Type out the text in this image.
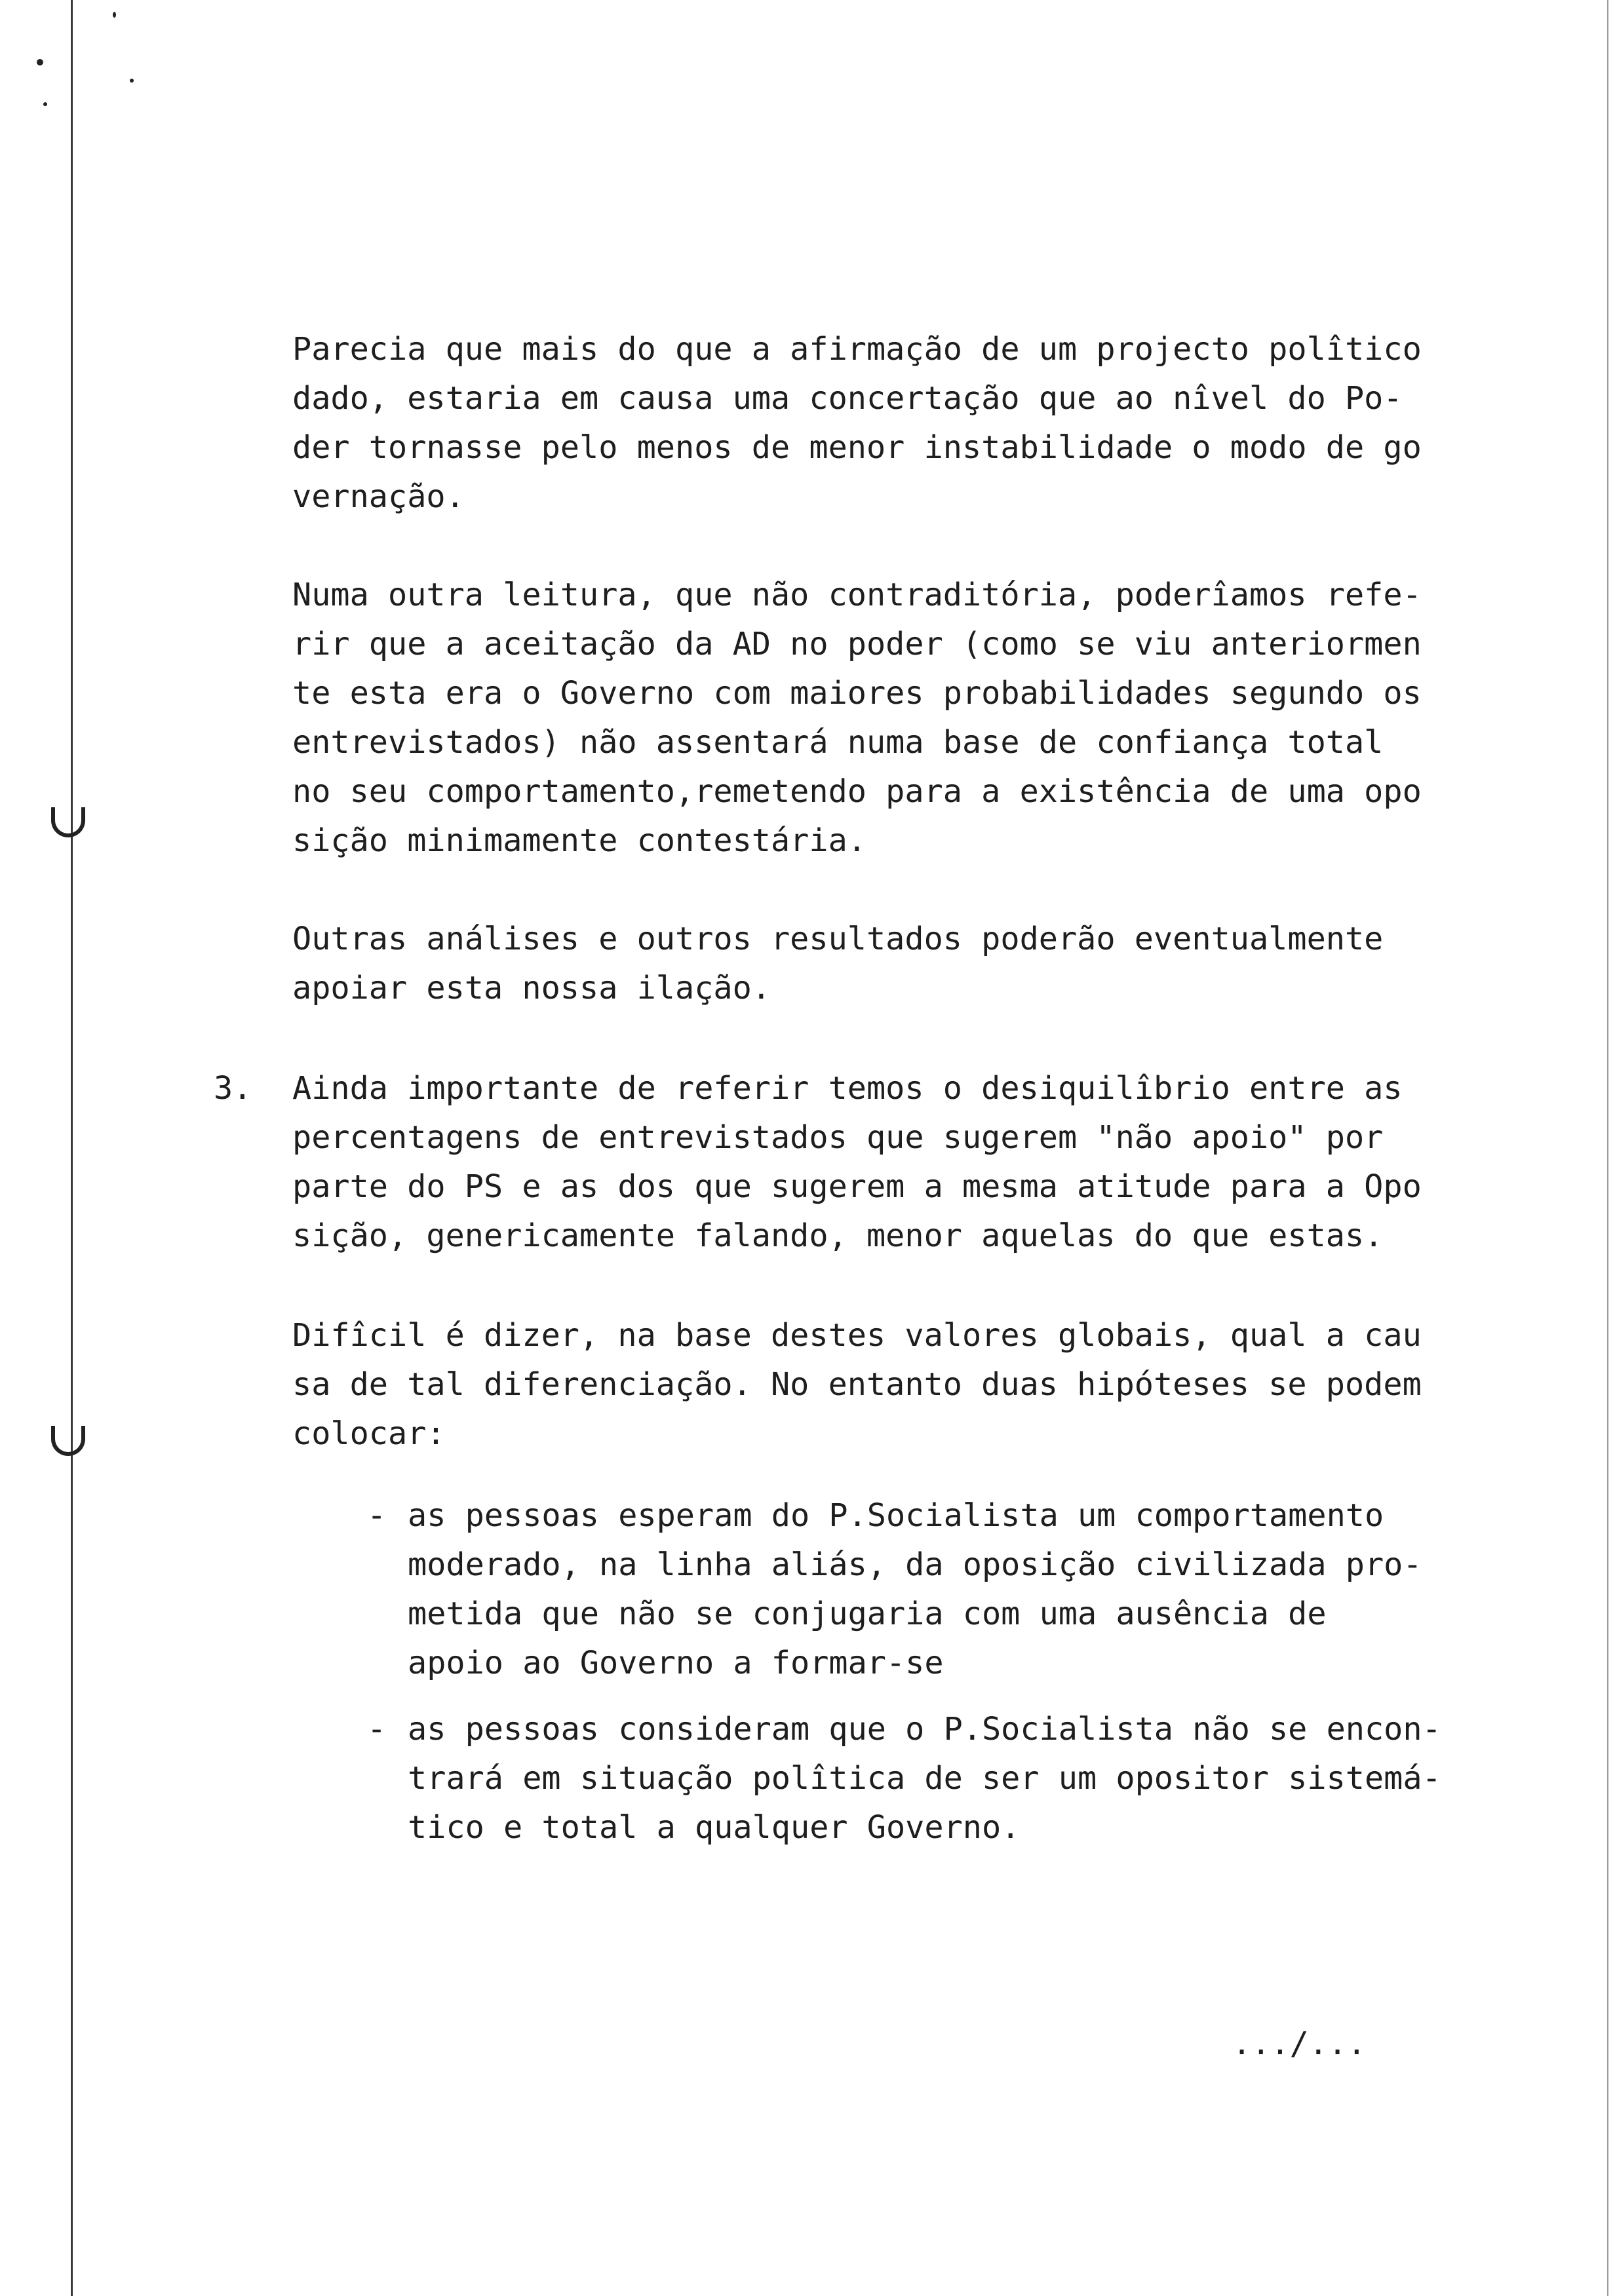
Parecia que mais do que a afirmação de um projecto polîtico
dado, estaria em causa uma concertação que ao nîvel do Po-
der tornasse pelo menos de menor instabilidade o modo de go
vernação.
Numa outra leitura, que não contraditória, poderîamos refe-
rir que a aceitação da AD no poder (como se viu anteriormen
te esta era o Governo com maiores probabilidades segundo os
entrevistados) não assentará numa base de confiança total
no seu comportamento,remetendo para a existência de uma opo
sição minimamente contestária.
Outras análises e outros resultados poderão eventualmente
apoiar esta nossa ilação.
3. Ainda importante de referir temos o desiquilîbrio entre as
percentagens de entrevistados que sugerem "não apoio" por
parte do PS e as dos que sugerem a mesma atitude para a Opo
sição, genericamente falando, menor aquelas do que estas.
Difîcil é dizer, na base destes valores globais, qual a cau
sa de tal diferenciação. No entanto duas hipóteses se podem
colocar:
- as pessoas esperam do P.Socialista um comportamento
moderado, na linha aliás, da oposição civilizada pro-
metida que não se conjugaria com uma ausência de
apoio ao Governo a formar-se
- as pessoas consideram que o P.Socialista não se encon-
trará em situação polîtica de ser um opositor sistemá-
tico e total a qualquer Governo.
.../...
